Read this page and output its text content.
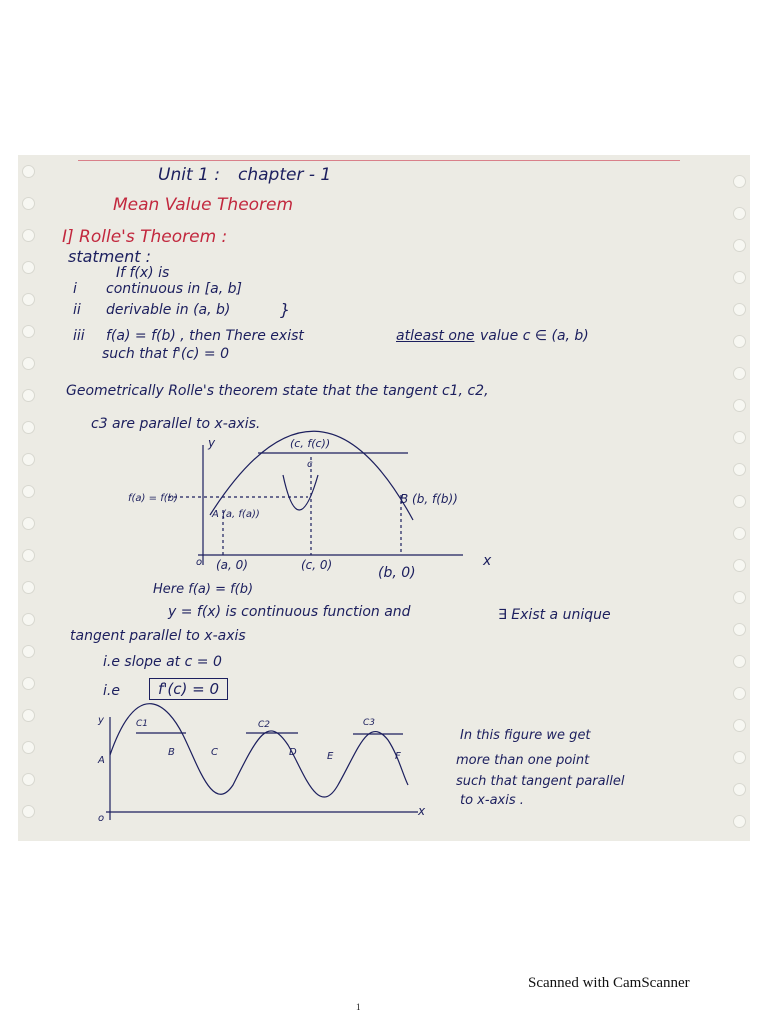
Unit 1 : chapter - 1
Mean Value Theorem
I] Rolle's Theorem :
statment :
If f(x) is
i continuous in [a, b]
ii derivable in (a, b)	}
iii f(a) = f(b) , then There exist	atleast one value c ∈ (a, b)
such that f'(c) = 0
Geometrically Rolle's theorem state that the tangent c1, c2,
c3 are parallel to x-axis.
y
x
(c, f(c))
c
f(a) = f(b)
A (a, f(a))
B (b, f(b))
o (a, 0)	(c, 0)	(b, 0)
Here f(a) = f(b)
y = f(x) is continuous function and	∃ Exist a unique
tangent parallel to x-axis
i.e slope at c = 0
i.e	f'(c) = 0
y
x
o
A
B	C	D	E	F
C1	C2	C3
In this figure we get
more than one point
such that tangent parallel
to x-axis .
Scanned with CamScanner
1
